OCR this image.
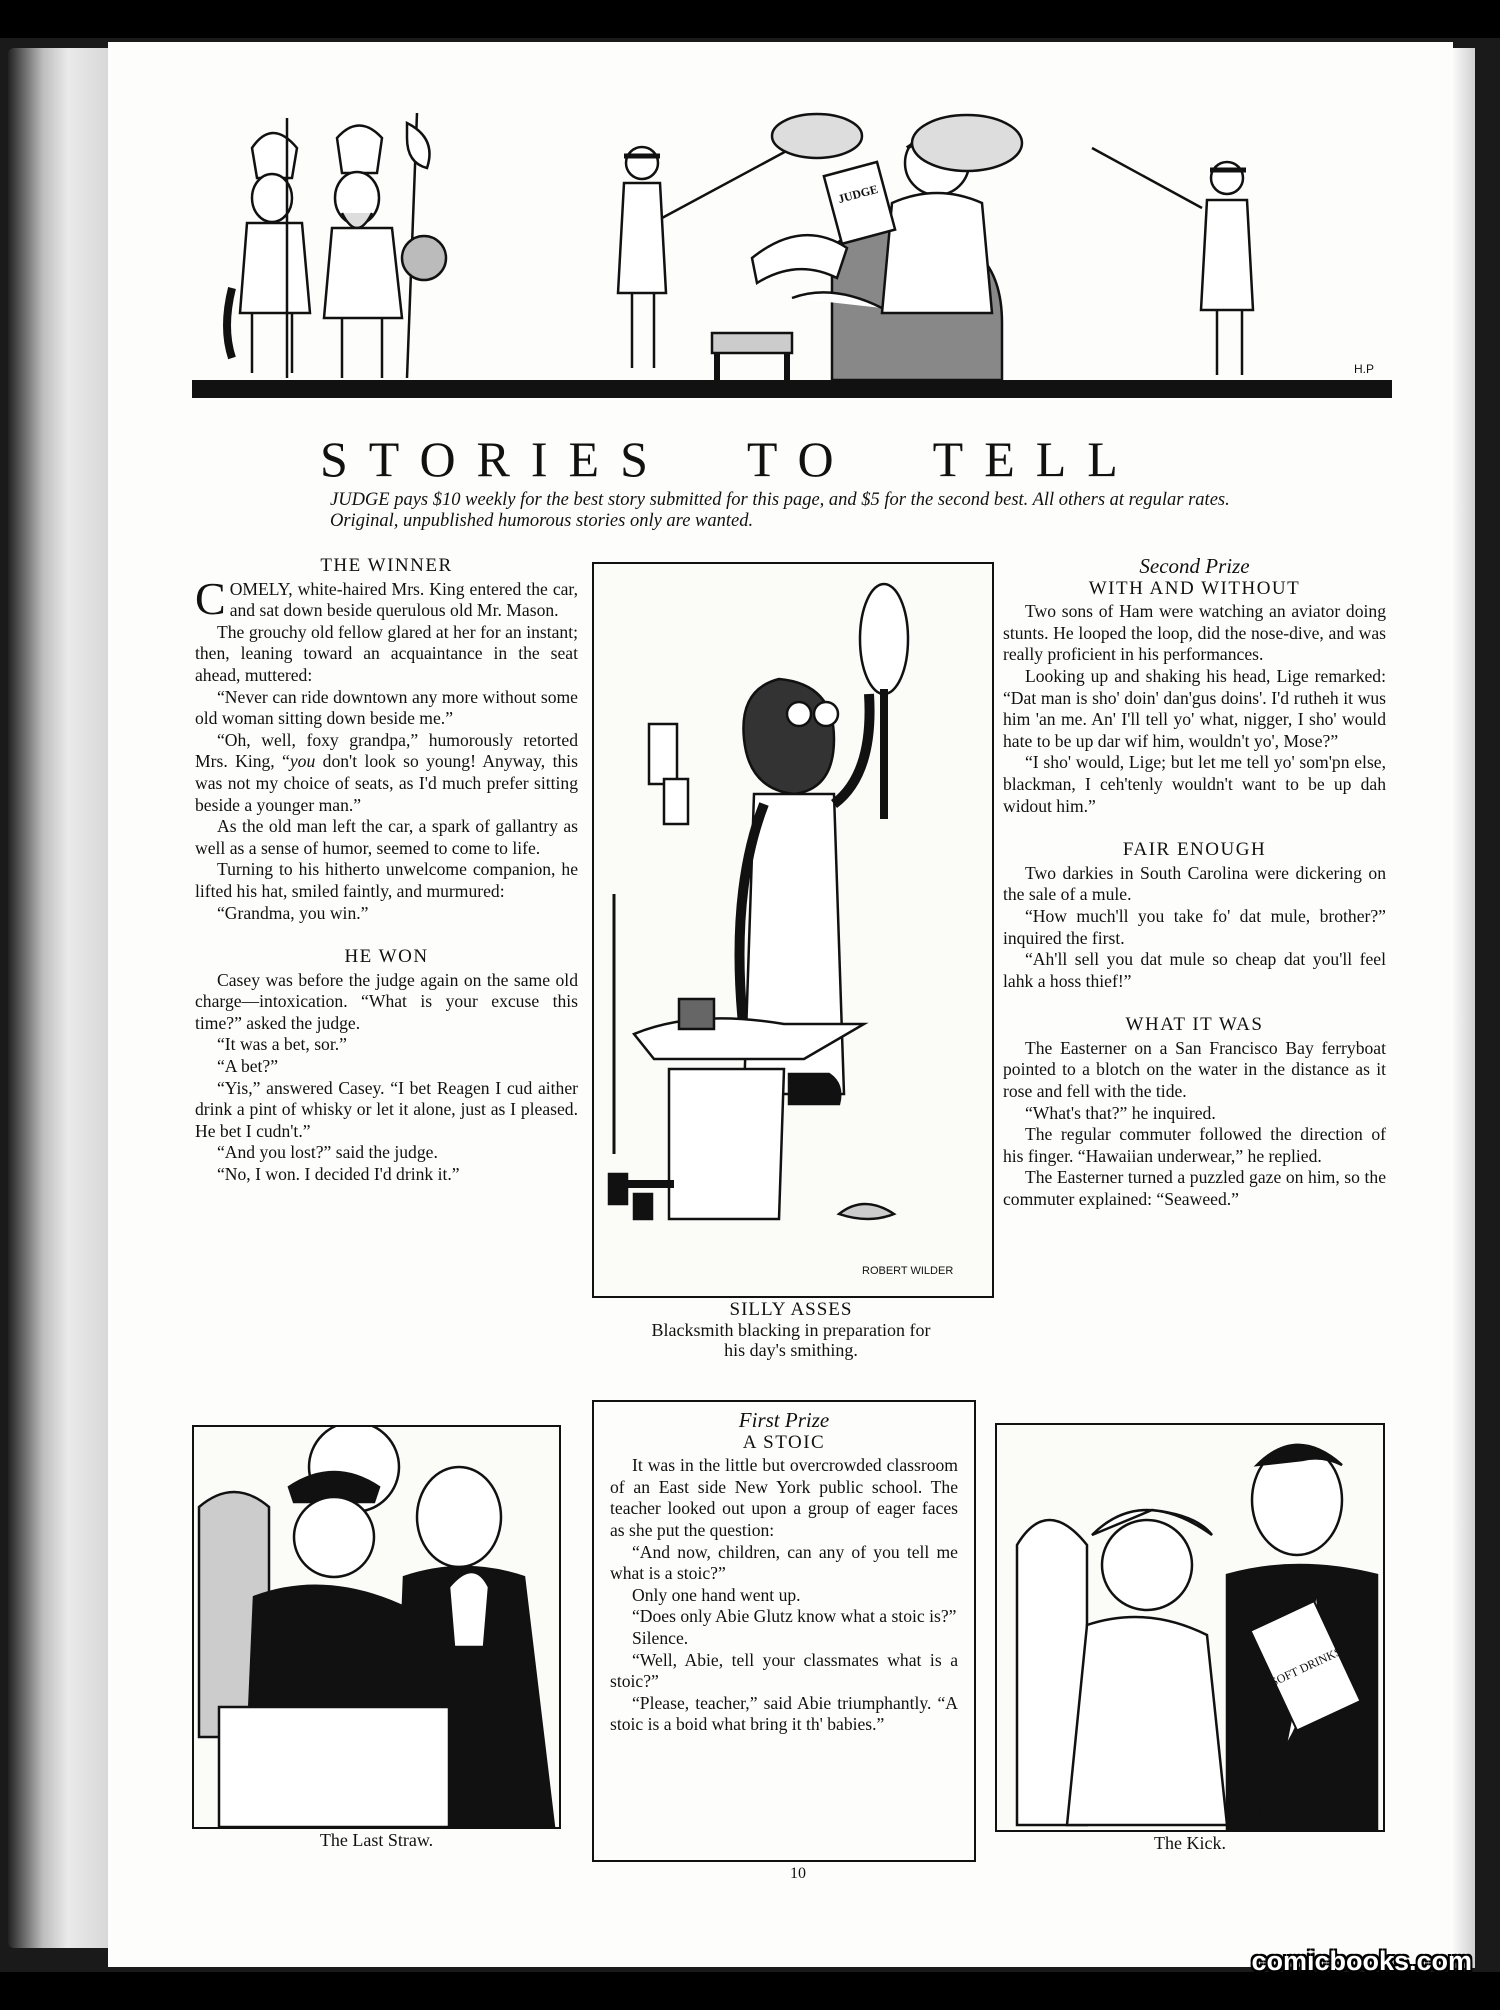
JUDGE
H.P
STORIES TO TELL
JUDGE pays $10 weekly for the best story submitted for this page, and $5 for the second best. All others at regular rates. Original, unpublished humorous stories only are wanted.
THE WINNER

COMELY, white-haired Mrs. King entered the car, and sat down beside querulous old Mr. Mason.

The grouchy old fellow glared at her for an instant; then, leaning toward an acquaintance in the seat ahead, muttered:

“Never can ride downtown any more without some old woman sitting down beside me.”

“Oh, well, foxy grandpa,” humorously retorted Mrs. King, “you don't look so young! Anyway, this was not my choice of seats, as I'd much prefer sitting beside a younger man.”

As the old man left the car, a spark of gallantry as well as a sense of humor, seemed to come to life.

Turning to his hitherto unwelcome companion, he lifted his hat, smiled faintly, and murmured:

“Grandma, you win.”

HE WON

Casey was before the judge again on the same old charge—intoxication. “What is your excuse this time?” asked the judge.

“It was a bet, sor.”

“A bet?”

“Yis,” answered Casey. “I bet Reagen I cud aither drink a pint of whisky or let it alone, just as I pleased. He bet I cudn't.”

“And you lost?” said the judge.

“No, I won. I decided I'd drink it.”

ROBERT WILDER
SILLY ASSES
Blacksmith blacking in preparation for
his day's smithing.
Second Prize
WITH AND WITHOUT

Two sons of Ham were watching an aviator doing stunts. He looped the loop, did the nose-dive, and was really proficient in his performances.

Looking up and shaking his head, Lige remarked: “Dat man is sho' doin' dan'gus doins'. I'd rutheh it wus him 'an me. An' I'll tell yo' what, nigger, I sho' would hate to be up dar wif him, wouldn't yo', Mose?”

“I sho' would, Lige; but let me tell yo' som'pn else, blackman, I ceh'tenly wouldn't want to be up dah widout him.”

FAIR ENOUGH

Two darkies in South Carolina were dickering on the sale of a mule.

“How much'll you take fo' dat mule, brother?” inquired the first.

“Ah'll sell you dat mule so cheap dat you'll feel lahk a hoss thief!”

WHAT IT WAS

The Easterner on a San Francisco Bay ferryboat pointed to a blotch on the water in the distance as it rose and fell with the tide.

“What's that?” he inquired.

The regular commuter followed the direction of his finger. “Hawaiian underwear,” he replied.

The Easterner turned a puzzled gaze on him, so the commuter explained: “Seaweed.”

The Last Straw.
First Prize
A STOIC

It was in the little but overcrowded classroom of an East side New York public school. The teacher looked out upon a group of eager faces as she put the question:

“And now, children, can any of you tell me what is a stoic?”

Only one hand went up.

“Does only Abie Glutz know what a stoic is?”

Silence.

“Well, Abie, tell your classmates what is a stoic?”

“Please, teacher,” said Abie triumphantly. “A stoic is a boid what bring it th' babies.”

SOFT DRINKS
H.P.
The Kick.
10
comicbooks.com
